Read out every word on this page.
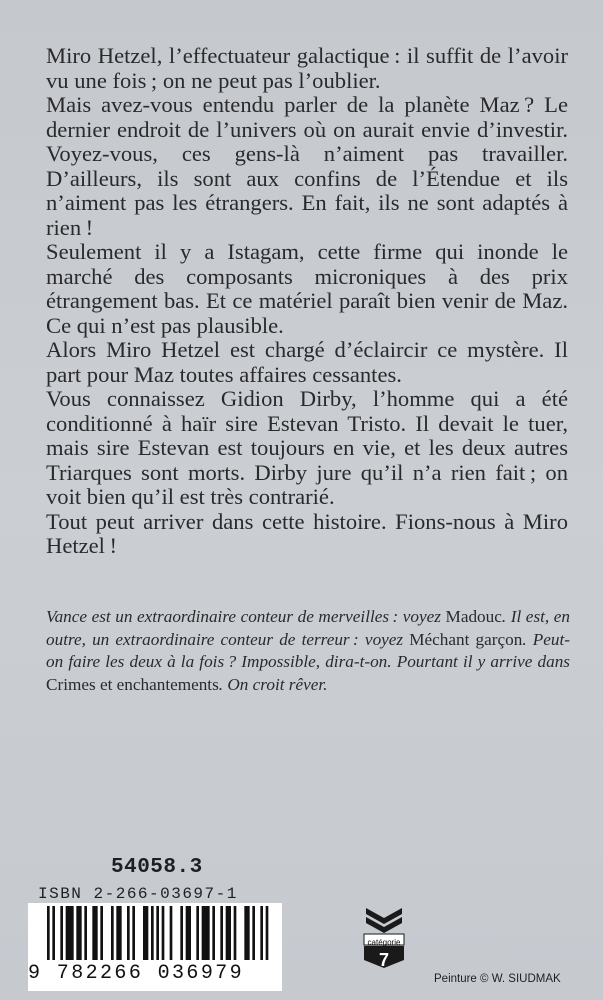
Miro Hetzel, l’effectuateur galactique : il suffit de l’avoir vu une fois ; on ne peut pas l’oublier.

Mais avez-vous entendu parler de la planète Maz ? Le dernier endroit de l’univers où on aurait envie d’investir. Voyez-vous, ces gens-là n’aiment pas travailler. D’ailleurs, ils sont aux confins de l’Étendue et ils n’aiment pas les étrangers. En fait, ils ne sont adaptés à rien !

Seulement il y a Istagam, cette firme qui inonde le marché des composants microniques à des prix étrangement bas. Et ce matériel paraît bien venir de Maz. Ce qui n’est pas plausible.

Alors Miro Hetzel est chargé d’éclaircir ce mystère. Il part pour Maz toutes affaires cessantes.

Vous connaissez Gidion Dirby, l’homme qui a été conditionné à haïr sire Estevan Tristo. Il devait le tuer, mais sire Estevan est toujours en vie, et les deux autres Triarques sont morts. Dirby jure qu’il n’a rien fait ; on voit bien qu’il est très contrarié.

Tout peut arriver dans cette histoire. Fions-nous à Miro Hetzel !

Vance est un extraordinaire conteur de merveilles : voyez Madouc. Il est, en outre, un extraordinaire conteur de terreur : voyez Méchant garçon. Peut-on faire les deux à la fois ? Impossible, dira-t-on. Pourtant il y arrive dans Crimes et enchantements. On croit rêver.

54058.3
ISBN 2-266-03697-1
9 782266 036979
catégorie
7
Peinture © W. SIUDMAK
